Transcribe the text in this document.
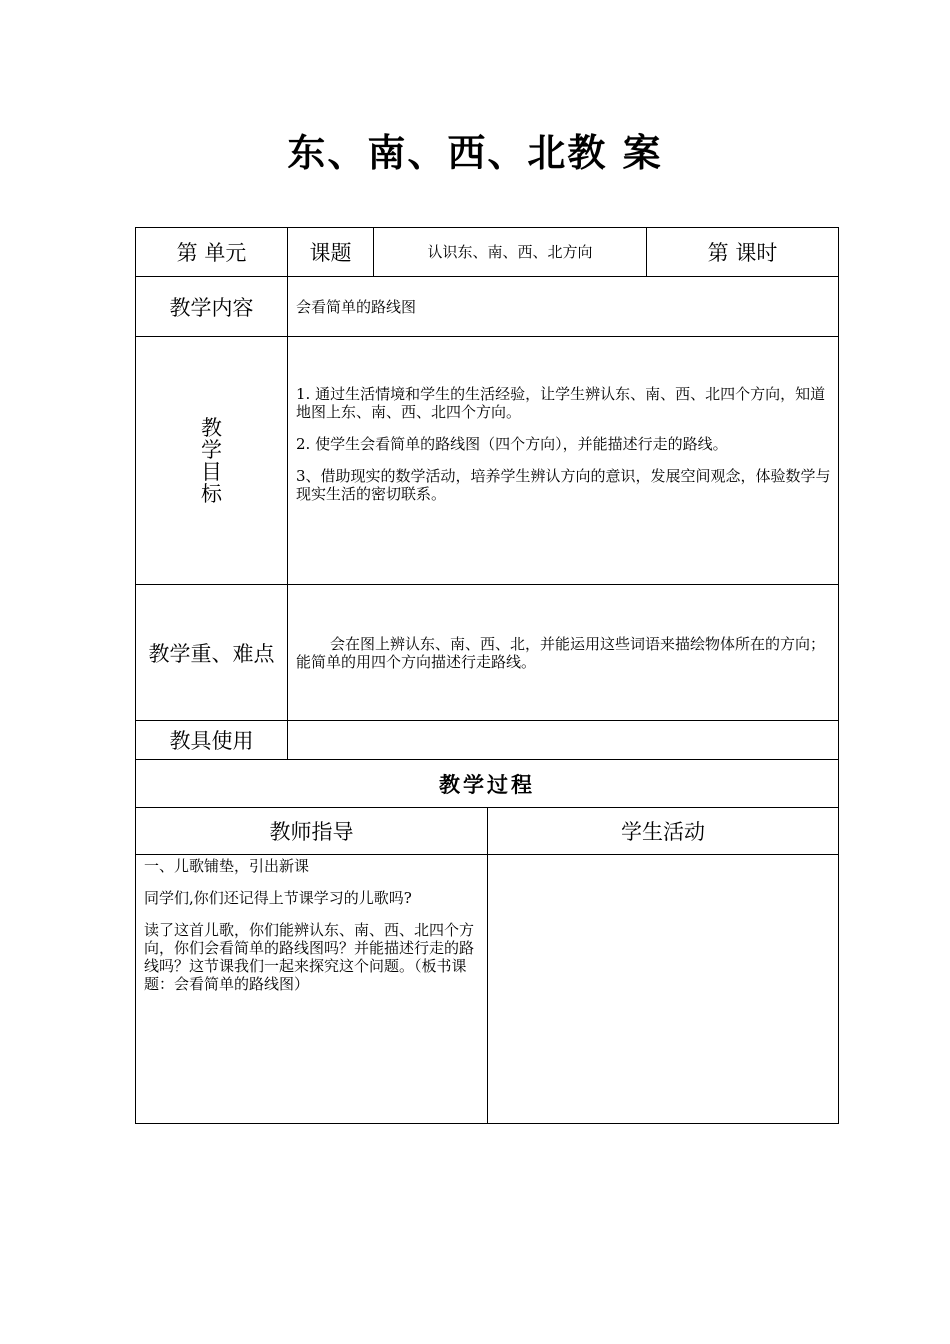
东、南、西、北教 案
第 单元	课题	认识东、南、西、北方向	第 课时
教学内容	会看简单的路线图
教学目标

1. 通过生活情境和学生的生活经验，让学生辨认东、南、西、北四个方向，知道地图上东、南、西、北四个方向。

2. 使学生会看简单的路线图（四个方向），并能描述行走的路线。

3、借助现实的数学活动，培养学生辨认方向的意识，发展空间观念，体验数学与现实生活的密切联系。

教学重、难点	会在图上辨认东、南、西、北，并能运用这些词语来描绘物体所在的方向；能简单的用四个方向描述行走路线。
教具使用
教学过程
教师指导	学生活动

一、儿歌铺垫，引出新课

同学们,你们还记得上节课学习的儿歌吗?

读了这首儿歌，你们能辨认东、南、西、北四个方向，你们会看简单的路线图吗？并能描述行走的路线吗？这节课我们一起来探究这个问题。（板书课题：会看简单的路线图）
